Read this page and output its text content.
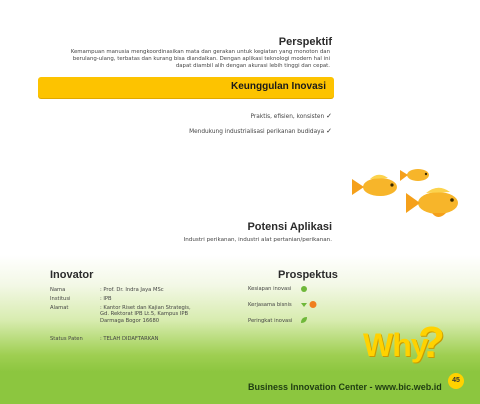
Perspektif
Kemampuan manusia mengkoordinasikan mata dan gerakan untuk kegiatan yang monoton dan
berulang-ulang, terbatas dan kurang bisa diandalkan. Dengan aplikasi teknologi modern hal ini
dapat diambil alih dengan akurasi lebih tinggi dan cepat.
Keunggulan Inovasi
Praktis, efisien, konsisten ✓
Mendukung industrialisasi perikanan budidaya ✓
Potensi Aplikasi
Industri perikanan, industri alat pertanian/perikanan.
Inovator	Prospektus
Nama	: Prof. Dr. Indra Jaya MSc
Institusi	: IPB
Alamat	: Kantor Riset dan Kajian Strategis, Gd. Rektorat IPB Lt.5, Kampus IPB Darmaga Bogor 16680
Status Paten	: TELAH DIDAFTARKAN
Kesiapan inovasi
Kerjasama bisnis
Peringkat inovasi
Why
?
Business Innovation Center - www.bic.web.id
45
